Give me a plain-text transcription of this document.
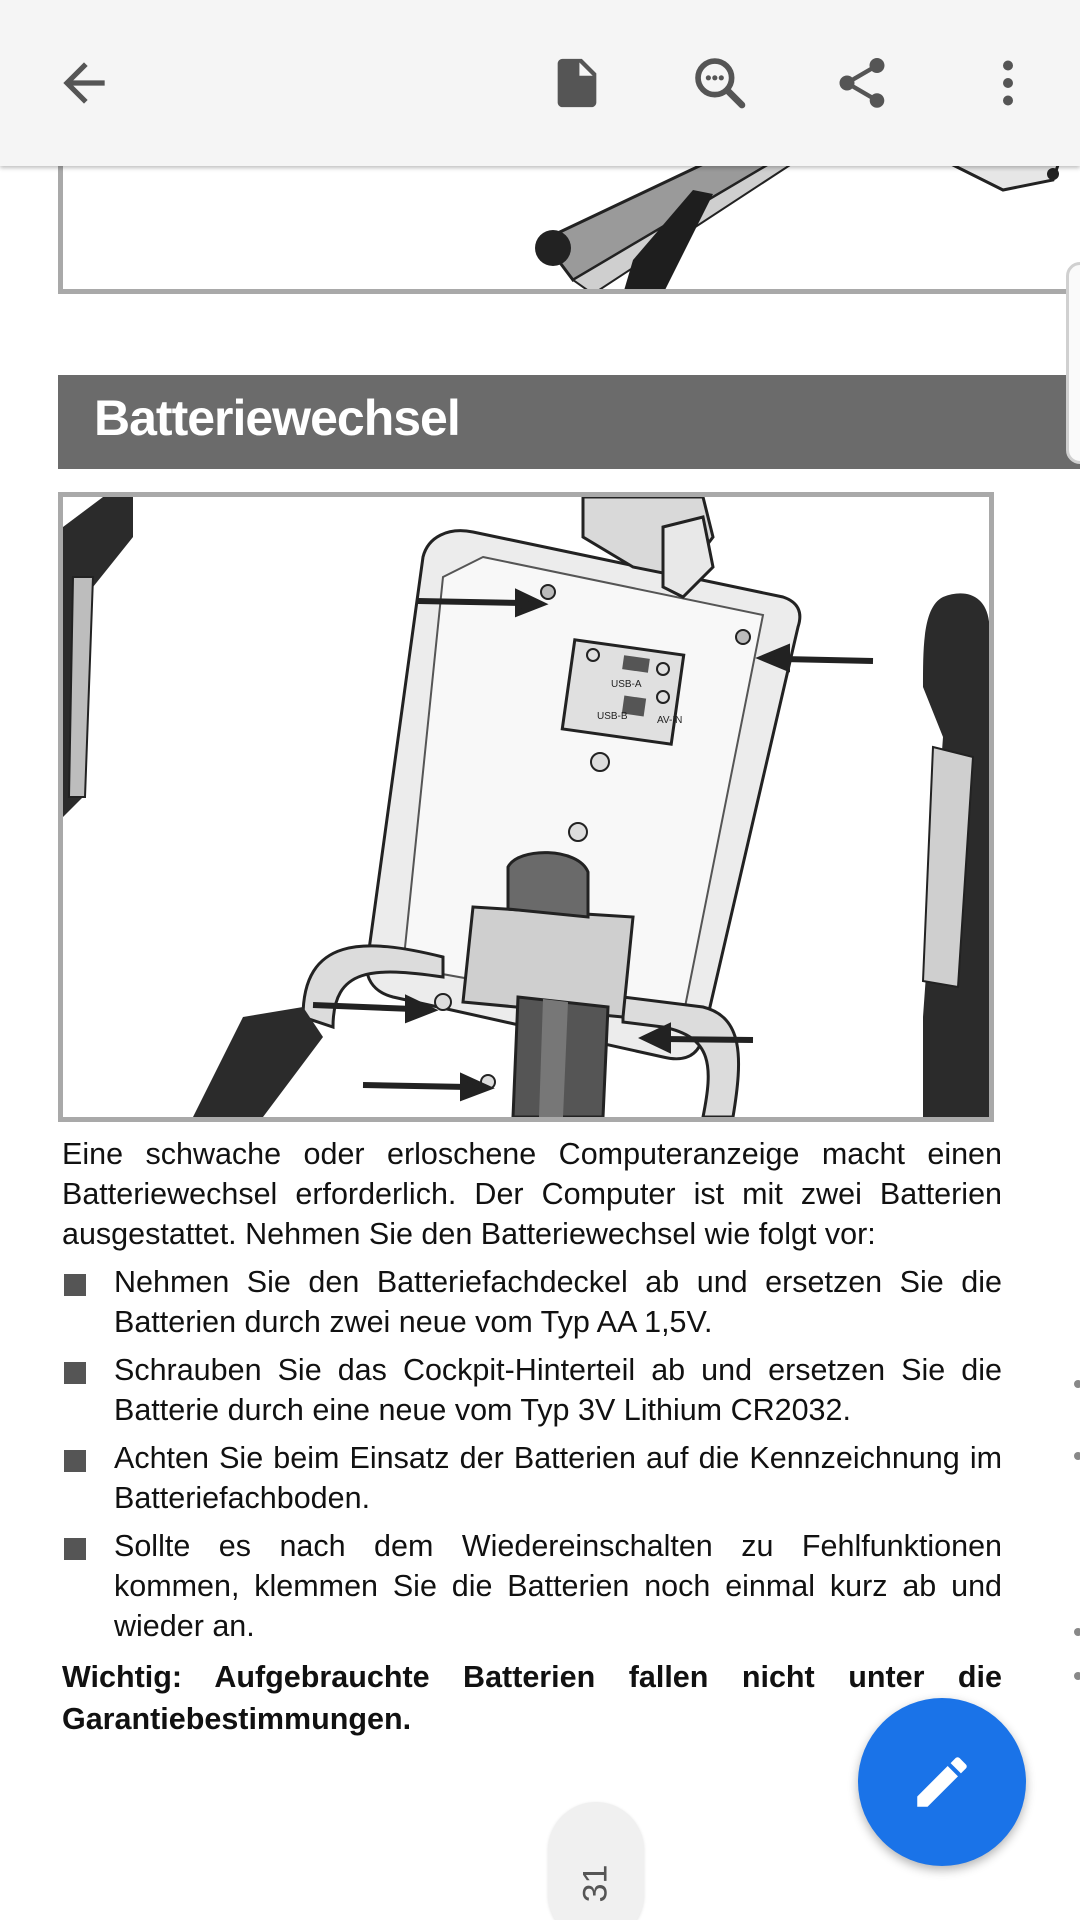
Batteriewechsel
USB-A
USB-B	AV-IN
Eine schwache oder erloschene Computeranzeige macht einen Batteriewechsel erforderlich. Der Computer ist mit zwei Batterien ausgestattet. Nehmen Sie den Batteriewechsel wie folgt vor:
Nehmen Sie den Batteriefachdeckel ab und ersetzen Sie die Batterien durch zwei neue vom Typ AA 1,5V.
Schrauben Sie das Cockpit-Hinterteil ab und ersetzen Sie die Batterie durch eine neue vom Typ 3V Lithium CR2032.
Achten Sie beim Einsatz der Batterien auf die Kennzeichnung im Batteriefachboden.
Sollte es nach dem Wiedereinschalten zu Fehlfunktionen kommen, klemmen Sie die Batterien noch einmal kurz ab und wieder an.
Wichtig: Aufgebrauchte Batterien fallen nicht unter die Garantiebestimmungen.
31
